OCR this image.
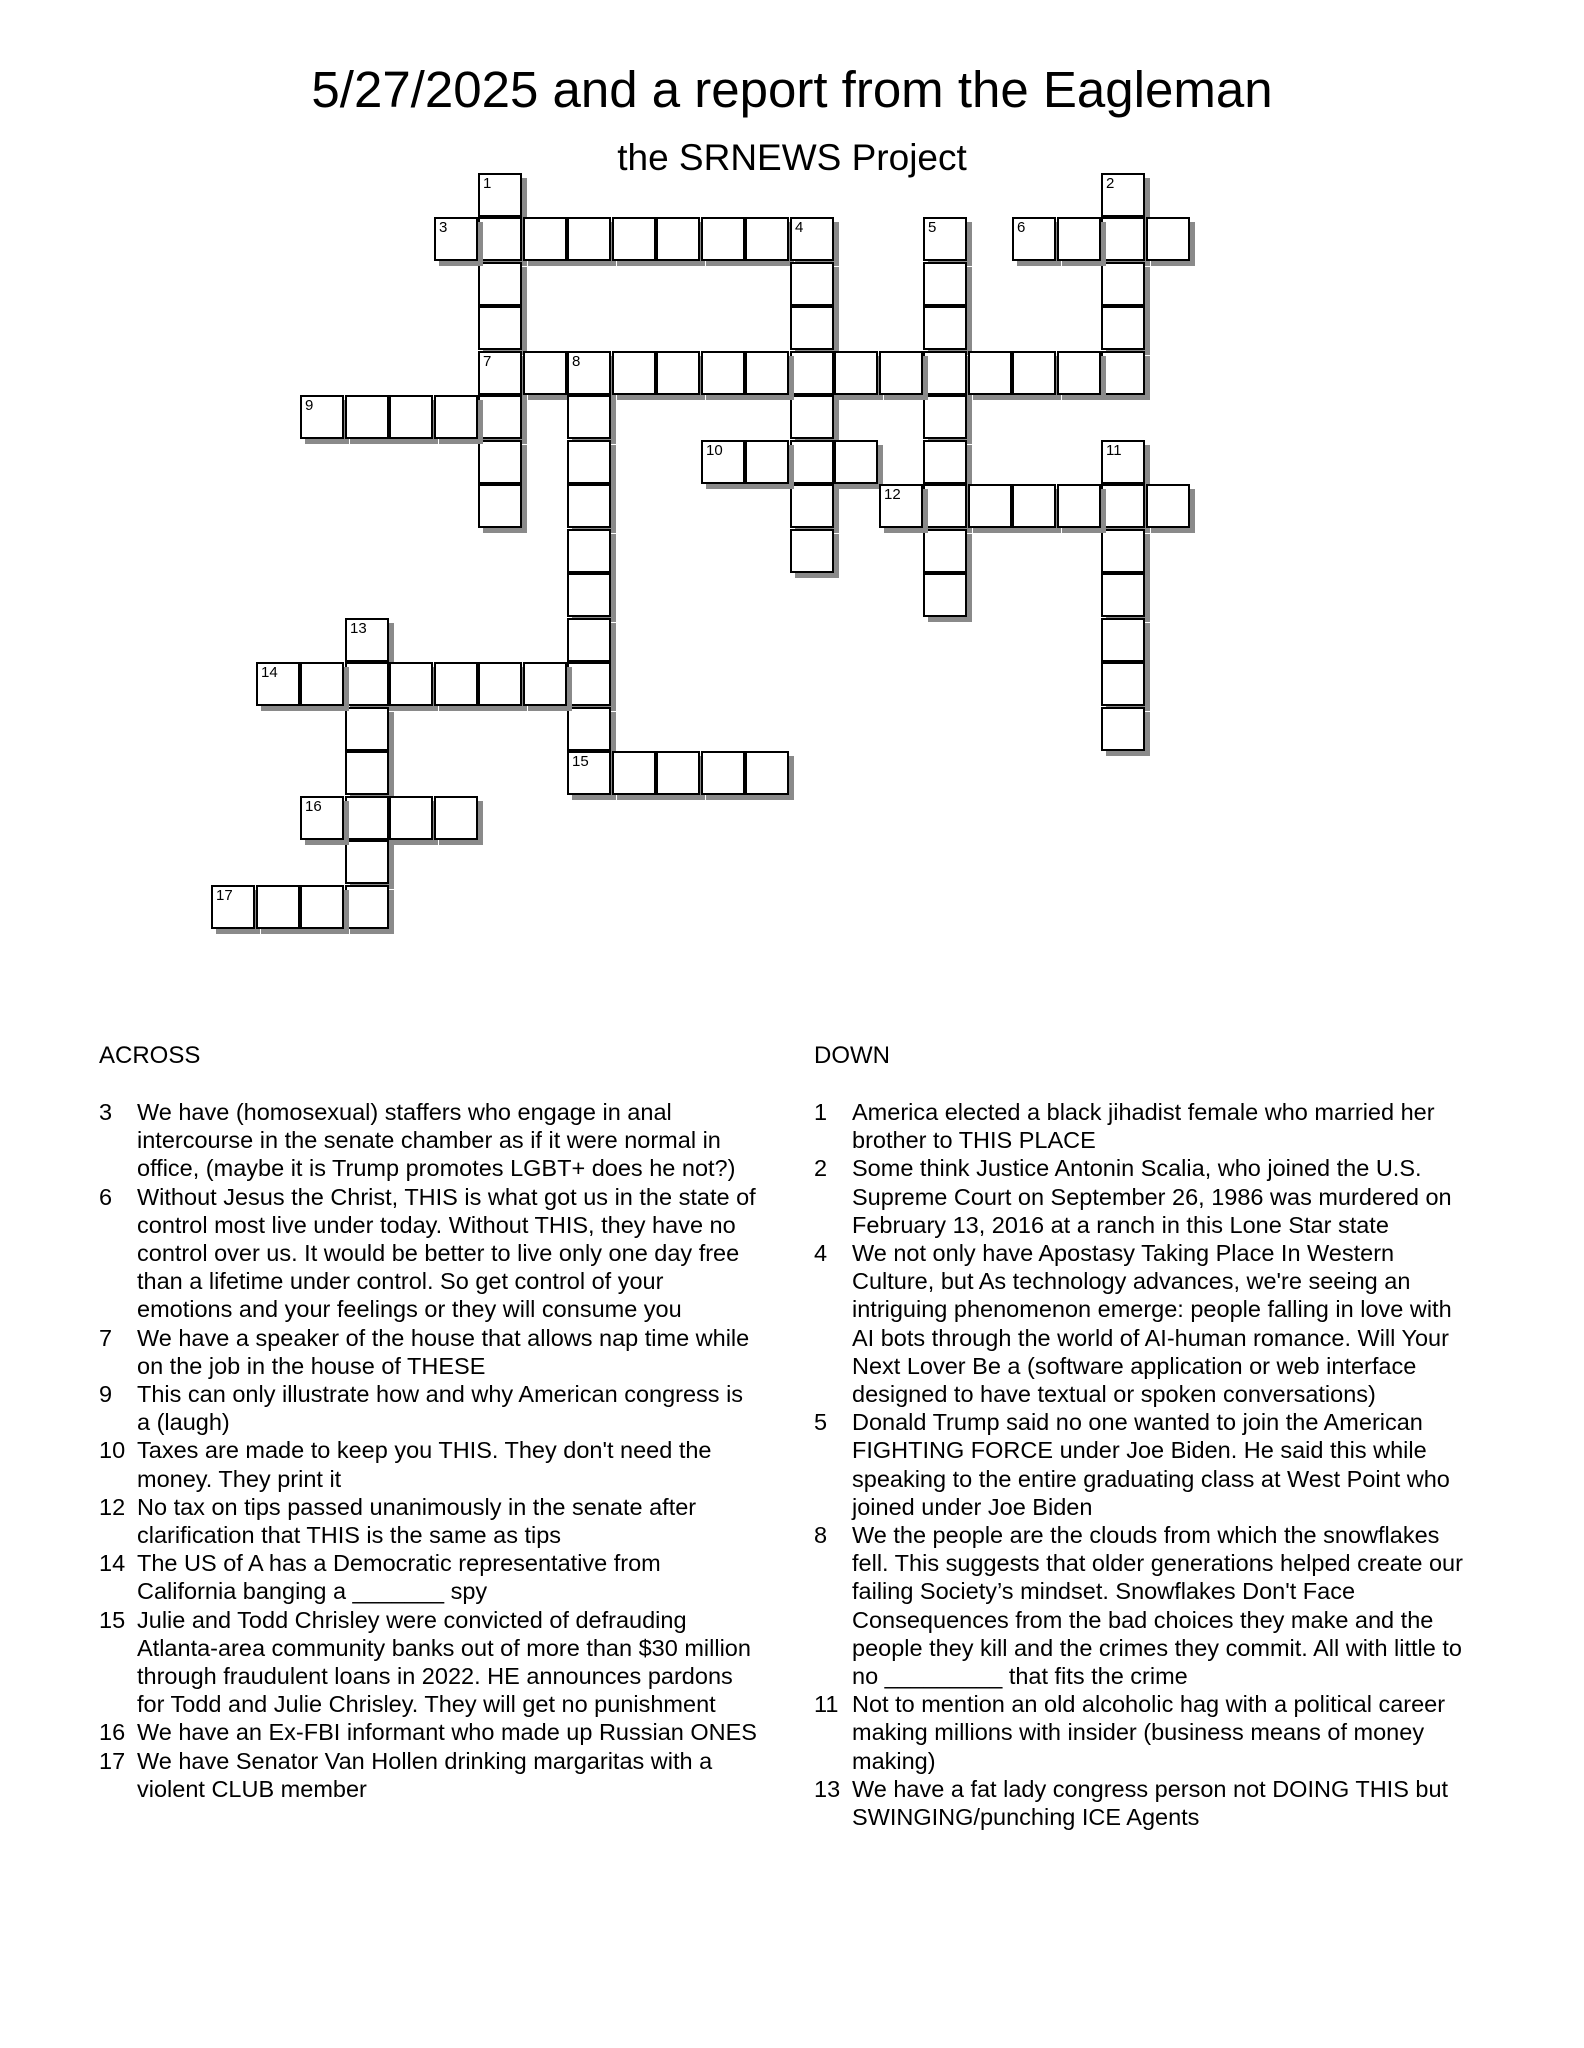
5/27/2025 and a report from the Eagleman
the SRNEWS Project
1
7
2
3	4	5	6
8
9
10	11
12
13
14
15
16
17
ACROSS	DOWN
3 We have (homosexual) staffers who engage in anal intercourse in the senate chamber as if it were normal in office, (maybe it is Trump promotes LGBT+ does he not?)
6 Without Jesus the Christ, THIS is what got us in the state of control most live under today. Without THIS, they have no control over us. It would be better to live only one day free than a lifetime under control. So get control of your emotions and your feelings or they will consume you
7 We have a speaker of the house that allows nap time while on the job in the house of THESE
9 This can only illustrate how and why American congress is a (laugh)
10 Taxes are made to keep you THIS. They don't need the money. They print it
12 No tax on tips passed unanimously in the senate after clarification that THIS is the same as tips
14 The US of A has a Democratic representative from California banging a _______ spy
15 Julie and Todd Chrisley were convicted of defrauding Atlanta-area community banks out of more than $30 million through fraudulent loans in 2022. HE announces pardons for Todd and Julie Chrisley. They will get no punishment
16 We have an Ex-FBI informant who made up Russian ONES
17 We have Senator Van Hollen drinking margaritas with a violent CLUB member
1 America elected a black jihadist female who married her brother to THIS PLACE
2 Some think Justice Antonin Scalia, who joined the U.S. Supreme Court on September 26, 1986 was murdered on February 13, 2016 at a ranch in this Lone Star state
4 We not only have Apostasy Taking Place In Western Culture, but As technology advances, we're seeing an intriguing phenomenon emerge: people falling in love with AI bots through the world of AI-human romance. Will Your Next Lover Be a (software application or web interface designed to have textual or spoken conversations)
5 Donald Trump said no one wanted to join the American FIGHTING FORCE under Joe Biden. He said this while speaking to the entire graduating class at West Point who joined under Joe Biden
8 We the people are the clouds from which the snowflakes fell. This suggests that older generations helped create our failing Society’s mindset. Snowflakes Don't Face Consequences from the bad choices they make and the people they kill and the crimes they commit. All with little to no _________ that fits the crime
11 Not to mention an old alcoholic hag with a political career making millions with insider (business means of money making)
13 We have a fat lady congress person not DOING THIS but SWINGING/punching ICE Agents
